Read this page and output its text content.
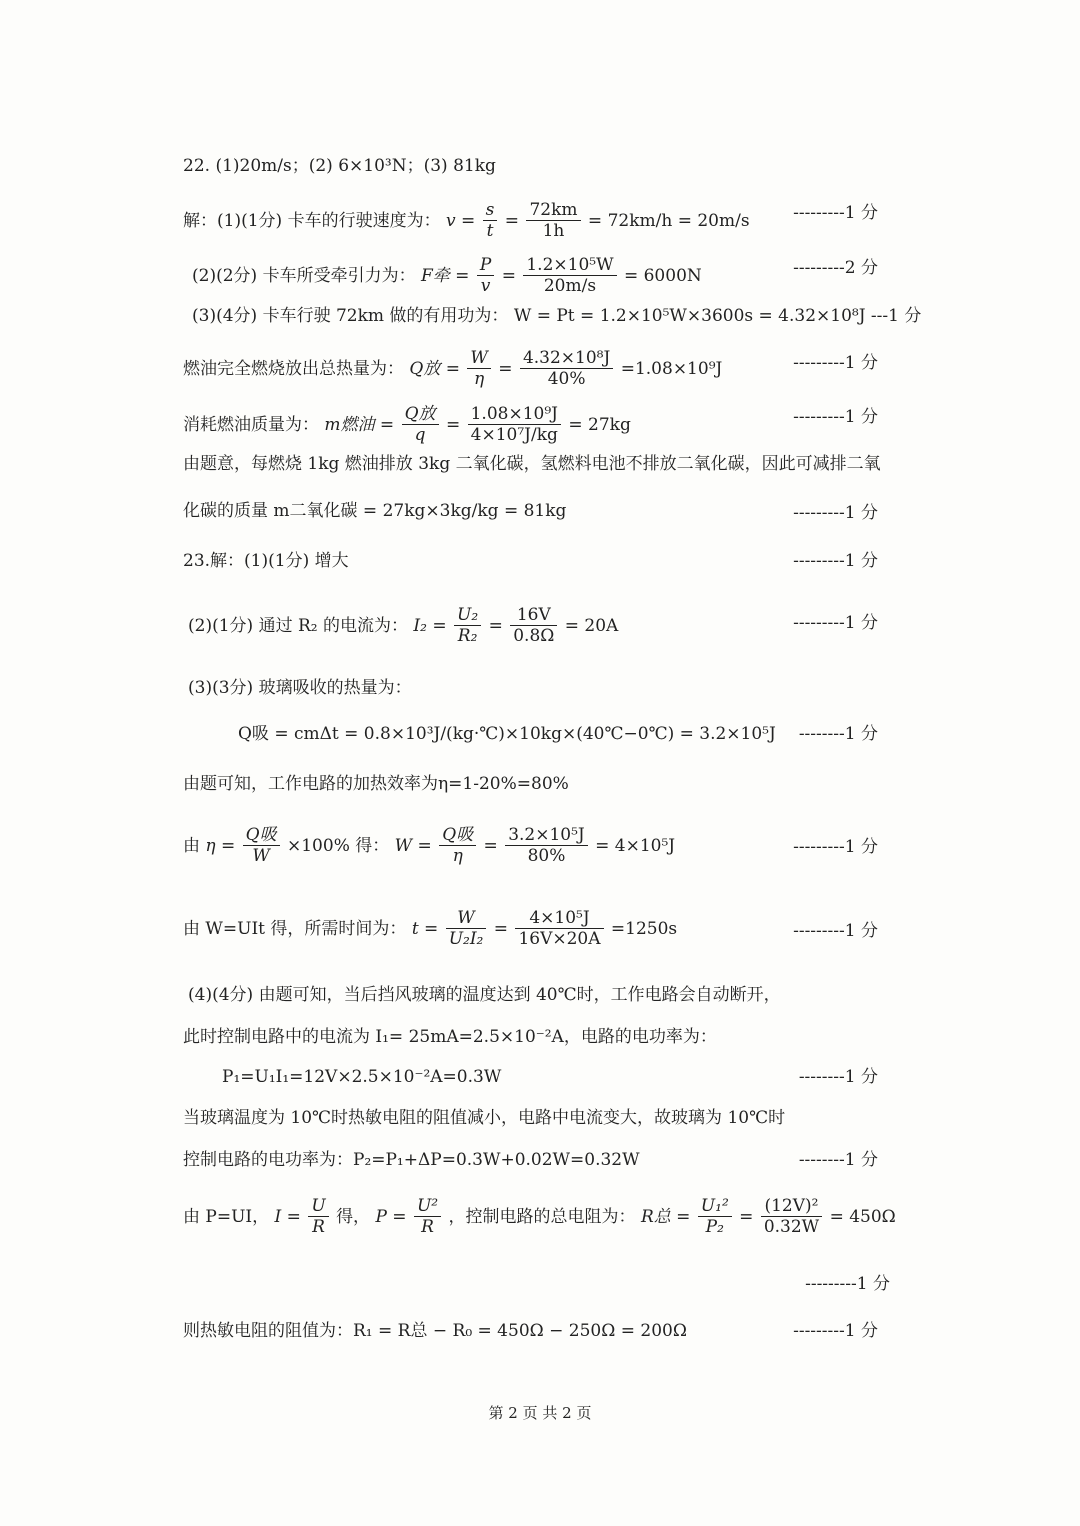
22. (1)20m/s；(2) 6×10³N；(3) 81kg
解：(1)(1分) 卡车的行驶速度为： $v = \frac{s}{t} = \frac{72km}{1h} = 72km/h = 20m/s$	---------1 分
(2)(2分) 卡车所受牵引力为： F牵 = $\frac{P}{v} = \frac{\text{1.2×10⁵W}}{20m/s} = 6000N$	---------2 分
(3)(4分) 卡车行驶 72km 做的有用功为： W = Pt = 1.2×10⁵W×3600s = 4.32×10⁸J ---1 分
燃油完全燃烧放出总热量为： Q放 = $\frac{W}{\eta} = \frac{\text{4.32×10⁸J}}{40\%} =1.08\times 10^9J$	---------1 分
消耗燃油质量为： m燃油 =
Q放
q
= $\frac{\text{1.08×10⁹J}}{\text{4×10⁷J/kg}} = 27kg$	---------1 分
由题意，每燃烧 1kg 燃油排放 3kg 二氧化碳，氢燃料电池不排放二氧化碳，因此可减排二氧
化碳的质量 m二氧化碳 = 27kg×3kg/kg = 81kg	---------1 分
23.解：(1)(1分) 增大	---------1 分
(2)(1分) 通过 R₂ 的电流为： $I_2 = \frac{\text{U₂}}{\text{R₂}} = \frac{16V}{0.8\Omega} = 20A$	---------1 分
(3)(3分) 玻璃吸收的热量为：
Q吸 = cmΔt = 0.8×10³J/(kg·℃)×10kg×(40℃−0℃) = 3.2×10⁵J --------1 分
由题可知，工作电路的加热效率为η=1-20%=80%
由 η =
Q吸
W
×100% 得： W =
Q吸
η
= $\frac{\text{3.2×10⁵J}}{80\%} = 4\times 10^5J$	---------1 分
由 W=UIt 得，所需时间为： $t = \frac{W}{\text{U₂I₂}} = \frac{\text{4×10⁵J}}{16V\times 20A} =1250s$	---------1 分
(4)(4分) 由题可知，当后挡风玻璃的温度达到 40℃时，工作电路会自动断开，
此时控制电路中的电流为 I₁= 25mA=2.5×10⁻²A，电路的电功率为：
P₁=U₁I₁=12V×2.5×10⁻²A=0.3W	--------1 分
当玻璃温度为 10℃时热敏电阻的阻值减小，电路中电流变大，故玻璃为 10℃时
控制电路的电功率为：P₂=P₁+ΔP=0.3W+0.02W=0.32W	--------1 分
由 P=UI， $I = \frac{U}{R}$ 得， $P = \frac{\text{U²}}{R}$ ，控制电路的总电阻为： R总 = $\frac{\text{U₁²}}{\text{P₂}} = \frac{\text{(12V)²}}{0.32W} = 450\Omega$
---------1 分
则热敏电阻的阻值为：R₁ = R总 − R₀ = 450Ω − 250Ω = 200Ω	---------1 分
第 2 页 共 2 页
